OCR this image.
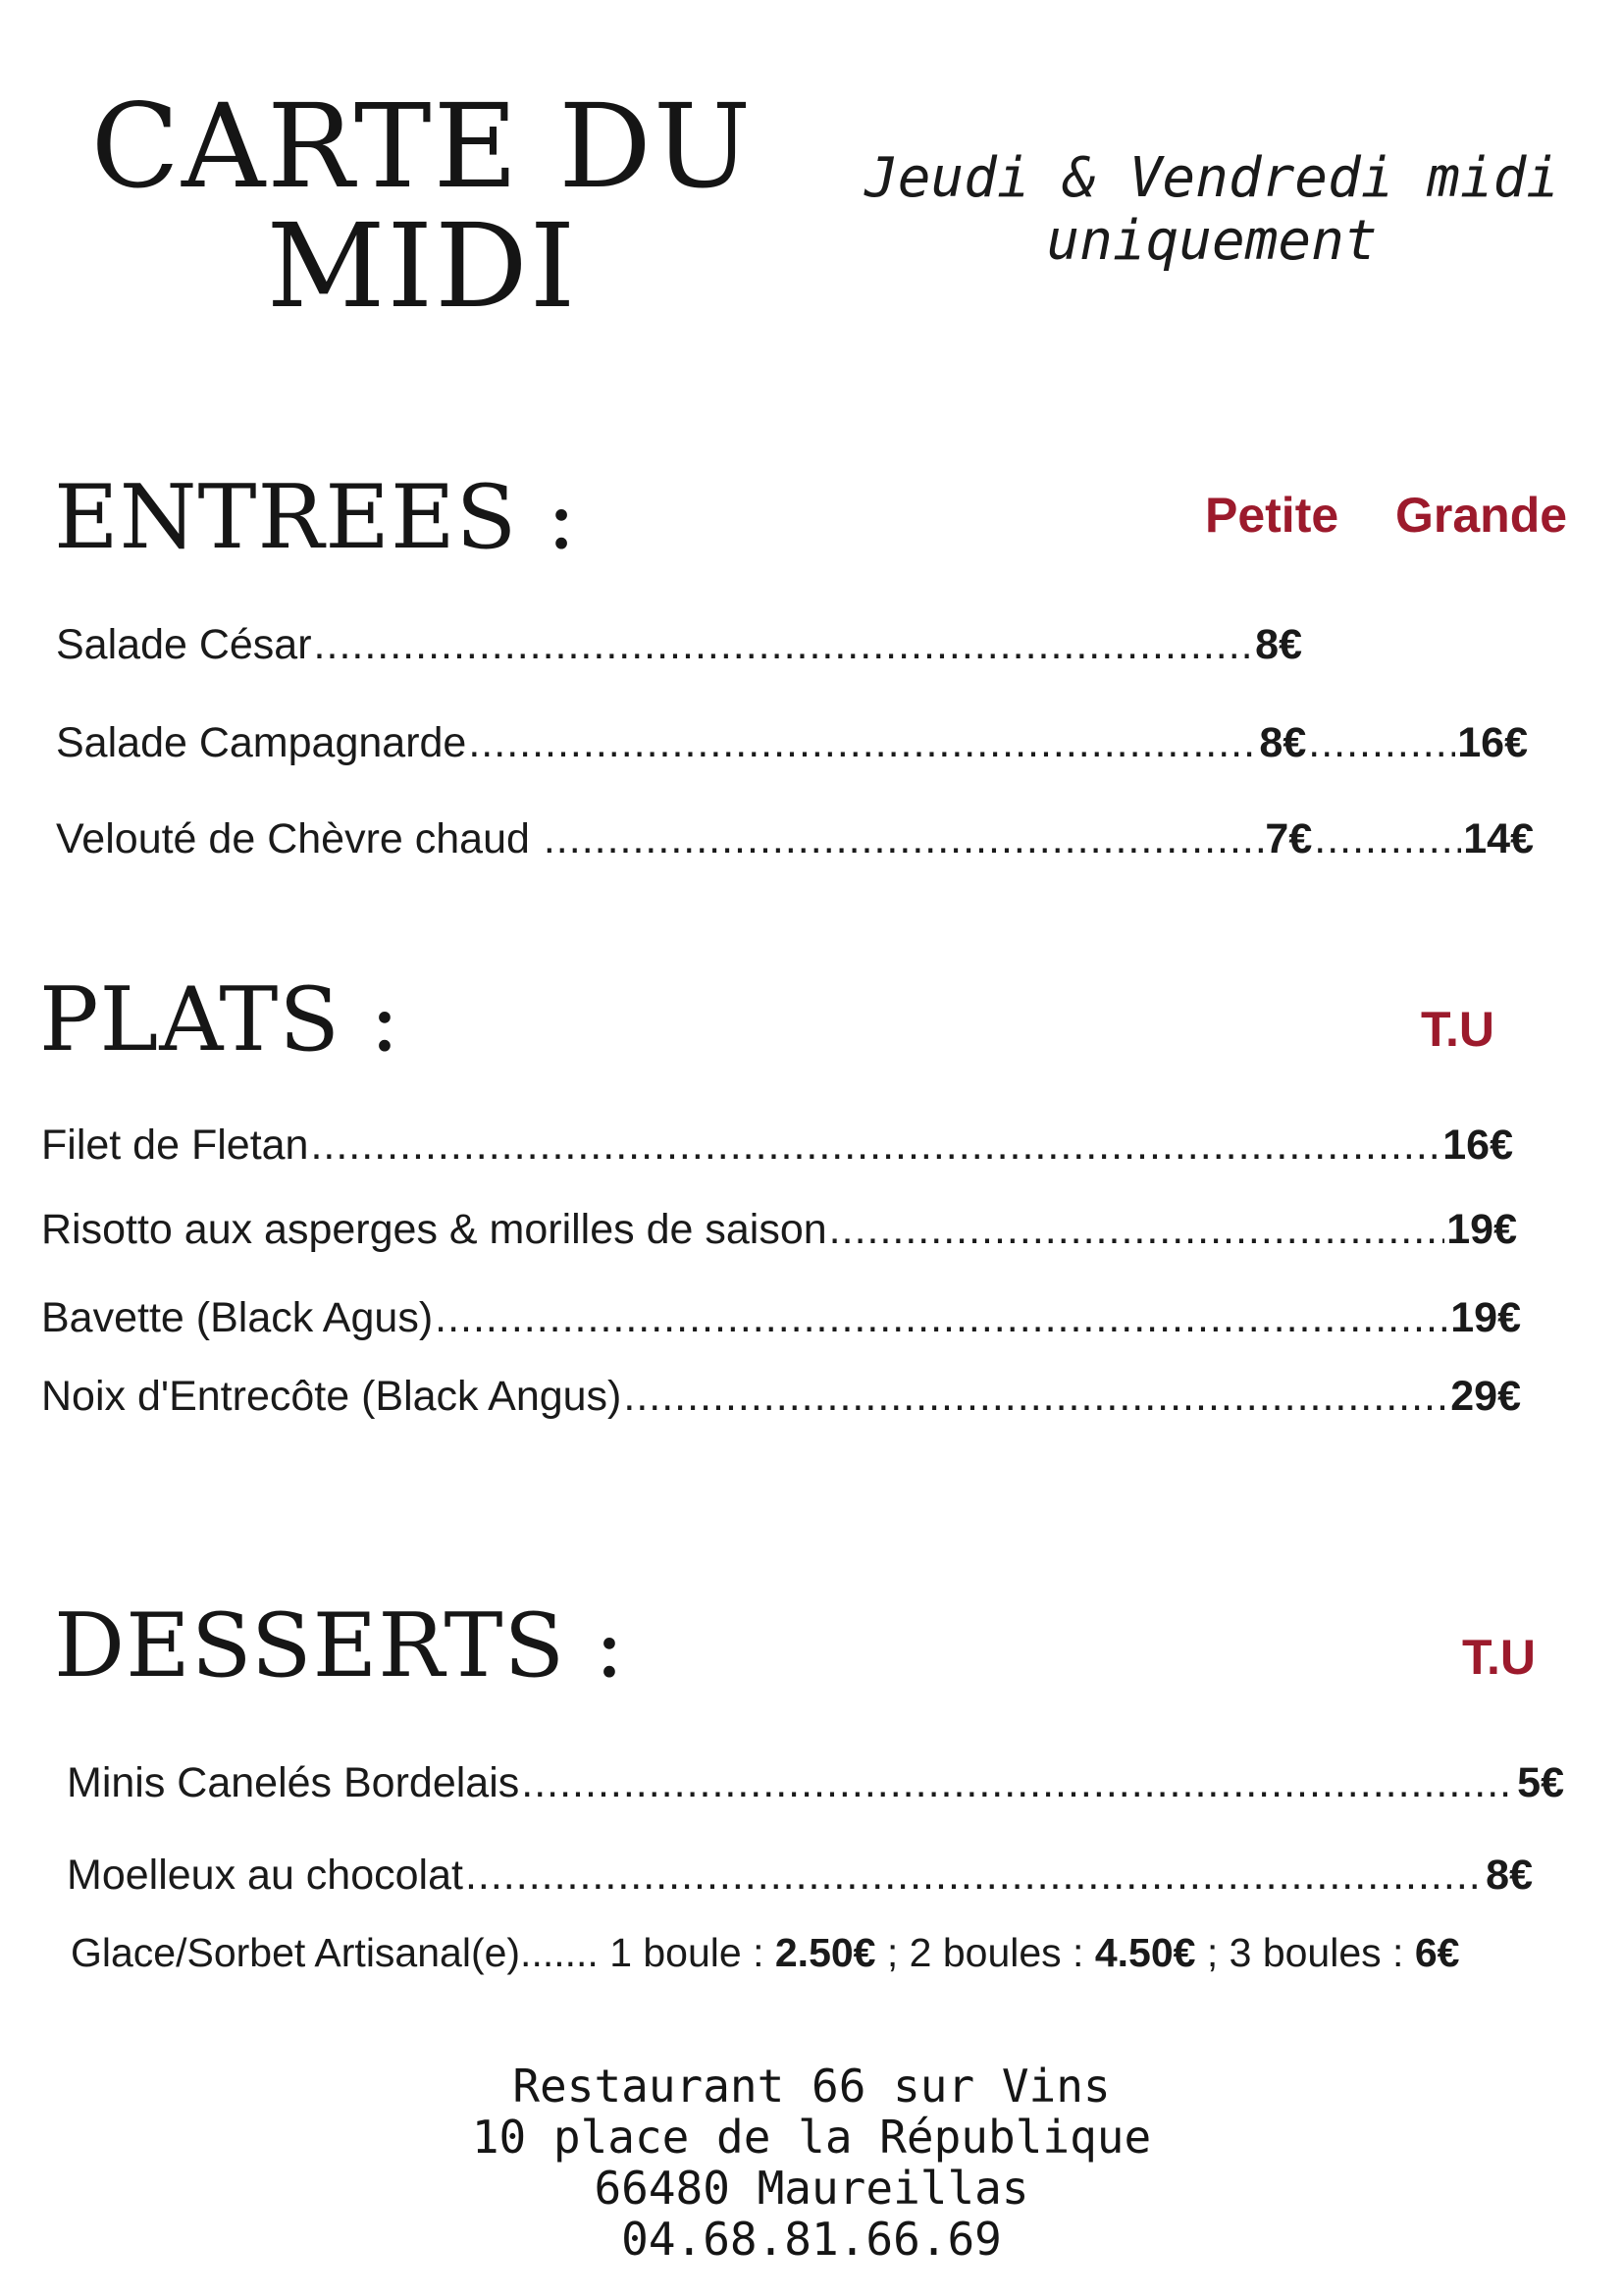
CARTE DU
MIDI
Jeudi & Vendredi midi
uniquement
ENTREES :	Petite Grande
Salade César .....	8€
Salade Campagnarde .....	8€ .....	16€
Velouté de Chèvre chaud .....	7€ .....	14€
PLATS :	T.U
Filet de Fletan .....	16€
Risotto aux asperges & morilles de saison .....	19€
Bavette (Black Agus) .....	19€
Noix d'Entrecôte (Black Angus) .....	29€
DESSERTS :	T.U
Minis Canelés Bordelais .....	5€
Moelleux au chocolat .....	8€
Glace/Sorbet Artisanal(e)....... 1 boule : 2.50€ ; 2 boules : 4.50€ ; 3 boules : 6€
Restaurant 66 sur Vins
10 place de la République
66480 Maureillas
04.68.81.66.69
